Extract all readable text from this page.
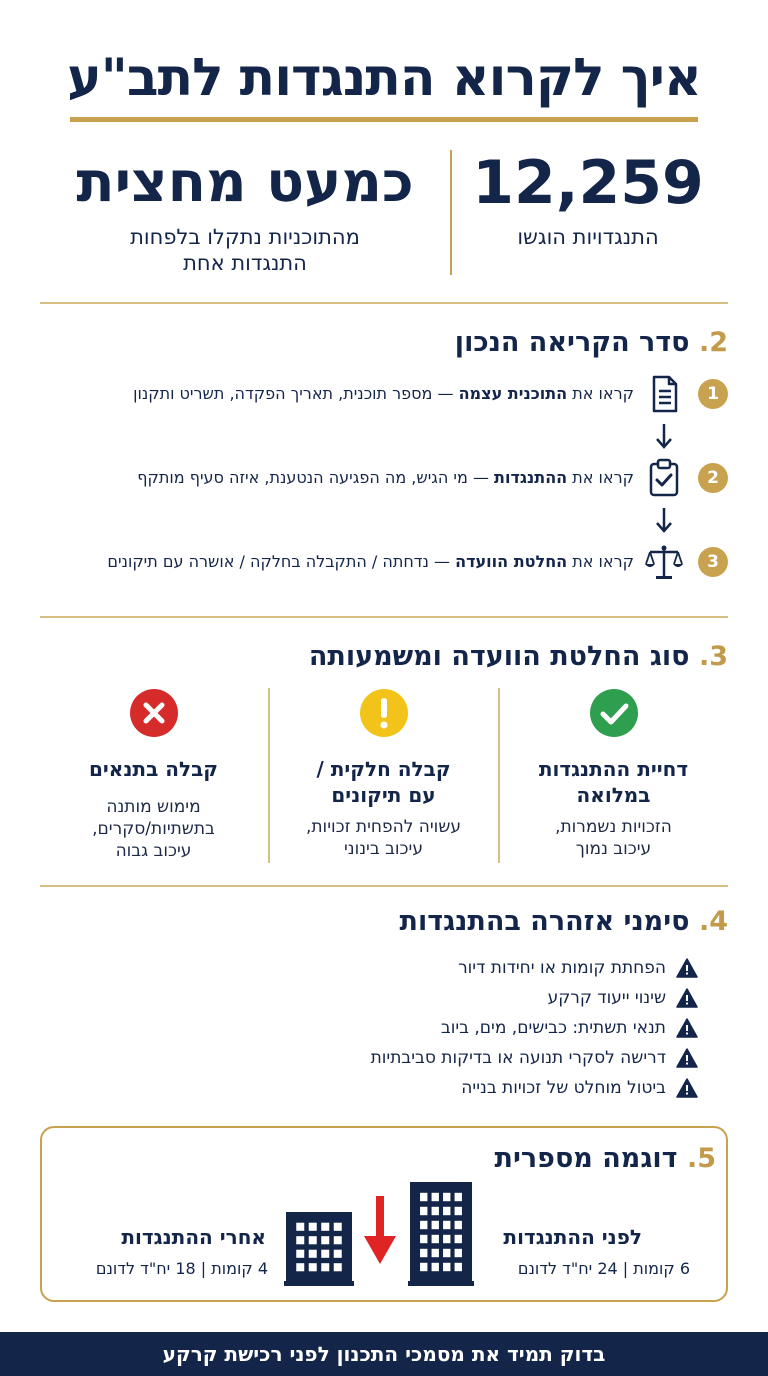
איך לקרוא התנגדות לתב"ע
12,259
התנגדויות הוגשו
כמעט מחצית
מהתוכניות נתקלו בלפחות
התנגדות אחת
2. סדר הקריאה הנכון
1
קראו את התוכנית עצמה — מספר תוכנית, תאריך הפקדה, תשריט ותקנון
2
קראו את ההתנגדות — מי הגיש, מה הפגיעה הנטענת, איזה סעיף מותקף
3
קראו את החלטת הוועדה — נדחתה / התקבלה בחלקה / אושרה עם תיקונים
3. סוג החלטת הוועדה ומשמעותה
דחיית ההתנגדות
במלואה
הזכויות נשמרות,
עיכוב נמוך
קבלה חלקית /
עם תיקונים
עשויה להפחית זכויות,
עיכוב בינוני
קבלה בתנאים
מימוש מותנה
בתשתיות/סקרים,
עיכוב גבוה
4. סימני אזהרה בהתנגדות
הפחתת קומות או יחידות דיור
שינוי ייעוד קרקע
תנאי תשתית: כבישים, מים, ביוב
דרישה לסקרי תנועה או בדיקות סביבתיות
ביטול מוחלט של זכויות בנייה
5. דוגמה מספרית
לפני ההתנגדות
6 קומות | 24 יח"ד לדונם
אחרי ההתנגדות
4 קומות | 18 יח"ד לדונם
בדוק תמיד את מסמכי התכנון לפני רכישת קרקע
